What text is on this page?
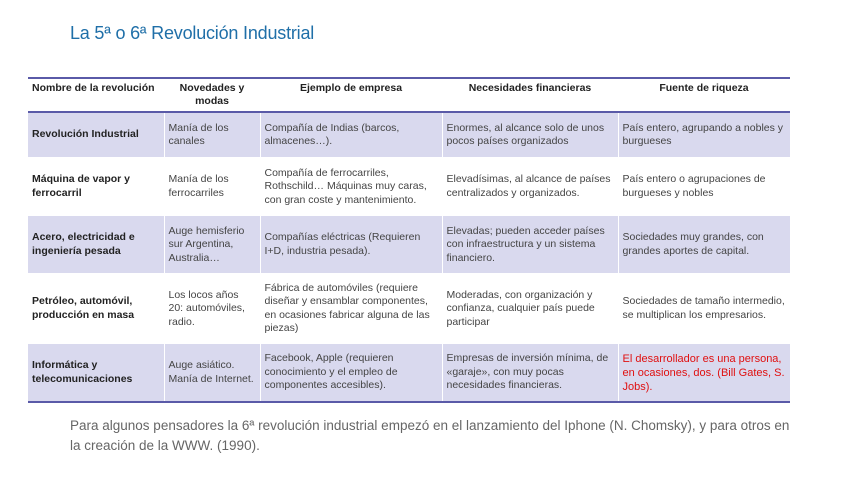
La 5ª o 6ª Revolución Industrial
Nombre de la revolución	Novedades y modas	Ejemplo de empresa	Necesidades financieras	Fuente de riqueza
Revolución Industrial	Manía de los canales	Compañía de Indias (barcos, almacenes…).	Enormes, al alcance solo de unos pocos países organizados	País entero, agrupando a nobles y burgueses
Máquina de vapor y ferrocarril	Manía de los ferrocarriles	Compañía de ferrocarriles, Rothschild… Máquinas muy caras, con gran coste y mantenimiento.	Elevadísimas, al alcance de países centralizados y organizados.	País entero o agrupaciones de burgueses y nobles
Acero, electricidad e ingeniería pesada	Auge hemisferio sur Argentina, Australia…	Compañías eléctricas (Requieren I+D, industria pesada).	Elevadas; pueden acceder países con infraestructura y un sistema financiero.	Sociedades muy grandes, con grandes aportes de capital.
Petróleo, automóvil, producción en masa	Los locos años 20: automóviles, radio.	Fábrica de automóviles (requiere diseñar y ensamblar componentes, en ocasiones fabricar alguna de las piezas)	Moderadas, con organización y confianza, cualquier país puede participar	Sociedades de tamaño intermedio, se multiplican los empresarios.
Informática y telecomunicaciones	Auge asiático. Manía de Internet.	Facebook, Apple (requieren conocimiento y el empleo de componentes accesibles).	Empresas de inversión mínima, de «garaje», con muy pocas necesidades financieras.	El desarrollador es una persona, en ocasiones, dos. (Bill Gates, S. Jobs).
Para algunos pensadores la 6ª revolución industrial empezó en el lanzamiento del Iphone (N. Chomsky), y para otros en la creación de la WWW. (1990).
